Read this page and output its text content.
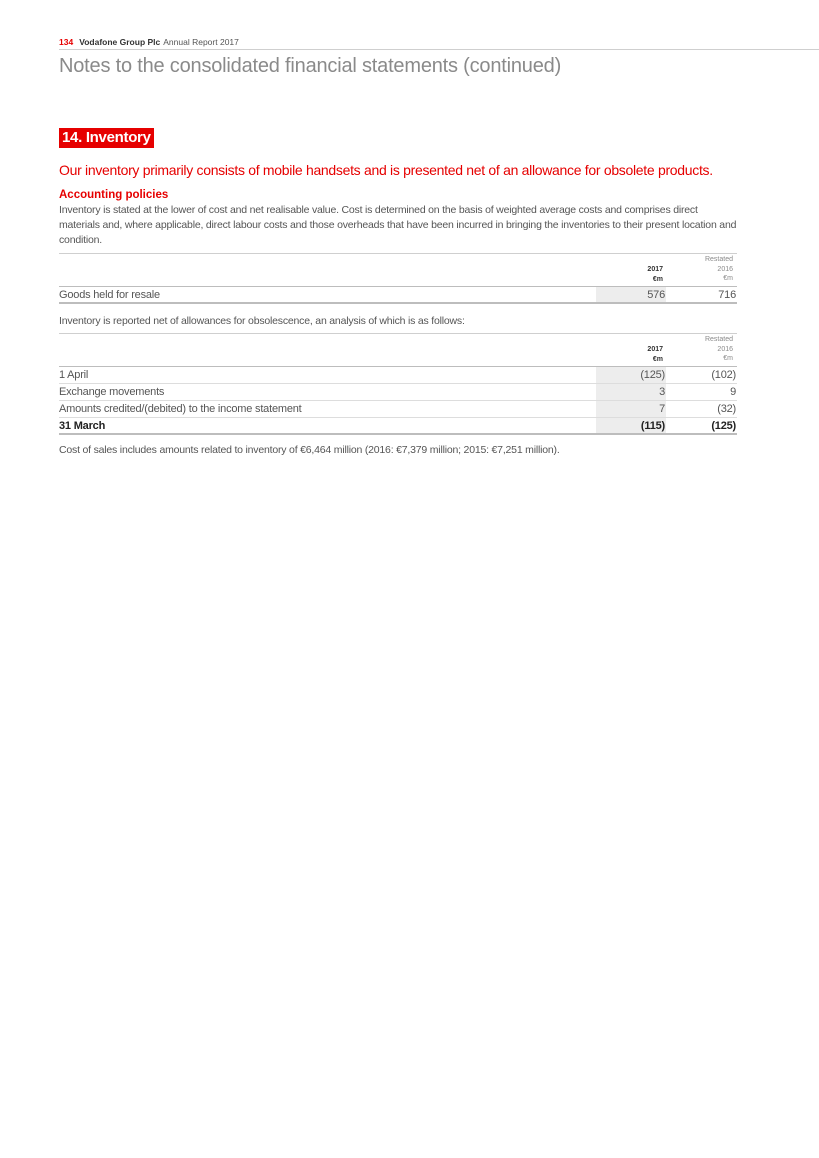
134 Vodafone Group Plc Annual Report 2017
Notes to the consolidated financial statements (continued)
14. Inventory
Our inventory primarily consists of mobile handsets and is presented net of an allowance for obsolete products.
Accounting policies
Inventory is stated at the lower of cost and net realisable value. Cost is determined on the basis of weighted average costs and comprises direct materials and, where applicable, direct labour costs and those overheads that have been incurred in bringing the inventories to their present location and condition.
2017
€m
Restated
2016
€m
Goods held for resale	576	716
Inventory is reported net of allowances for obsolescence, an analysis of which is as follows:
2017
€m
Restated
2016
€m
1 April	(125)	(102)
Exchange movements	3	9
Amounts credited/(debited) to the income statement	7	(32)
31 March	(115)	(125)
Cost of sales includes amounts related to inventory of €6,464 million (2016: €7,379 million; 2015: €7,251 million).
